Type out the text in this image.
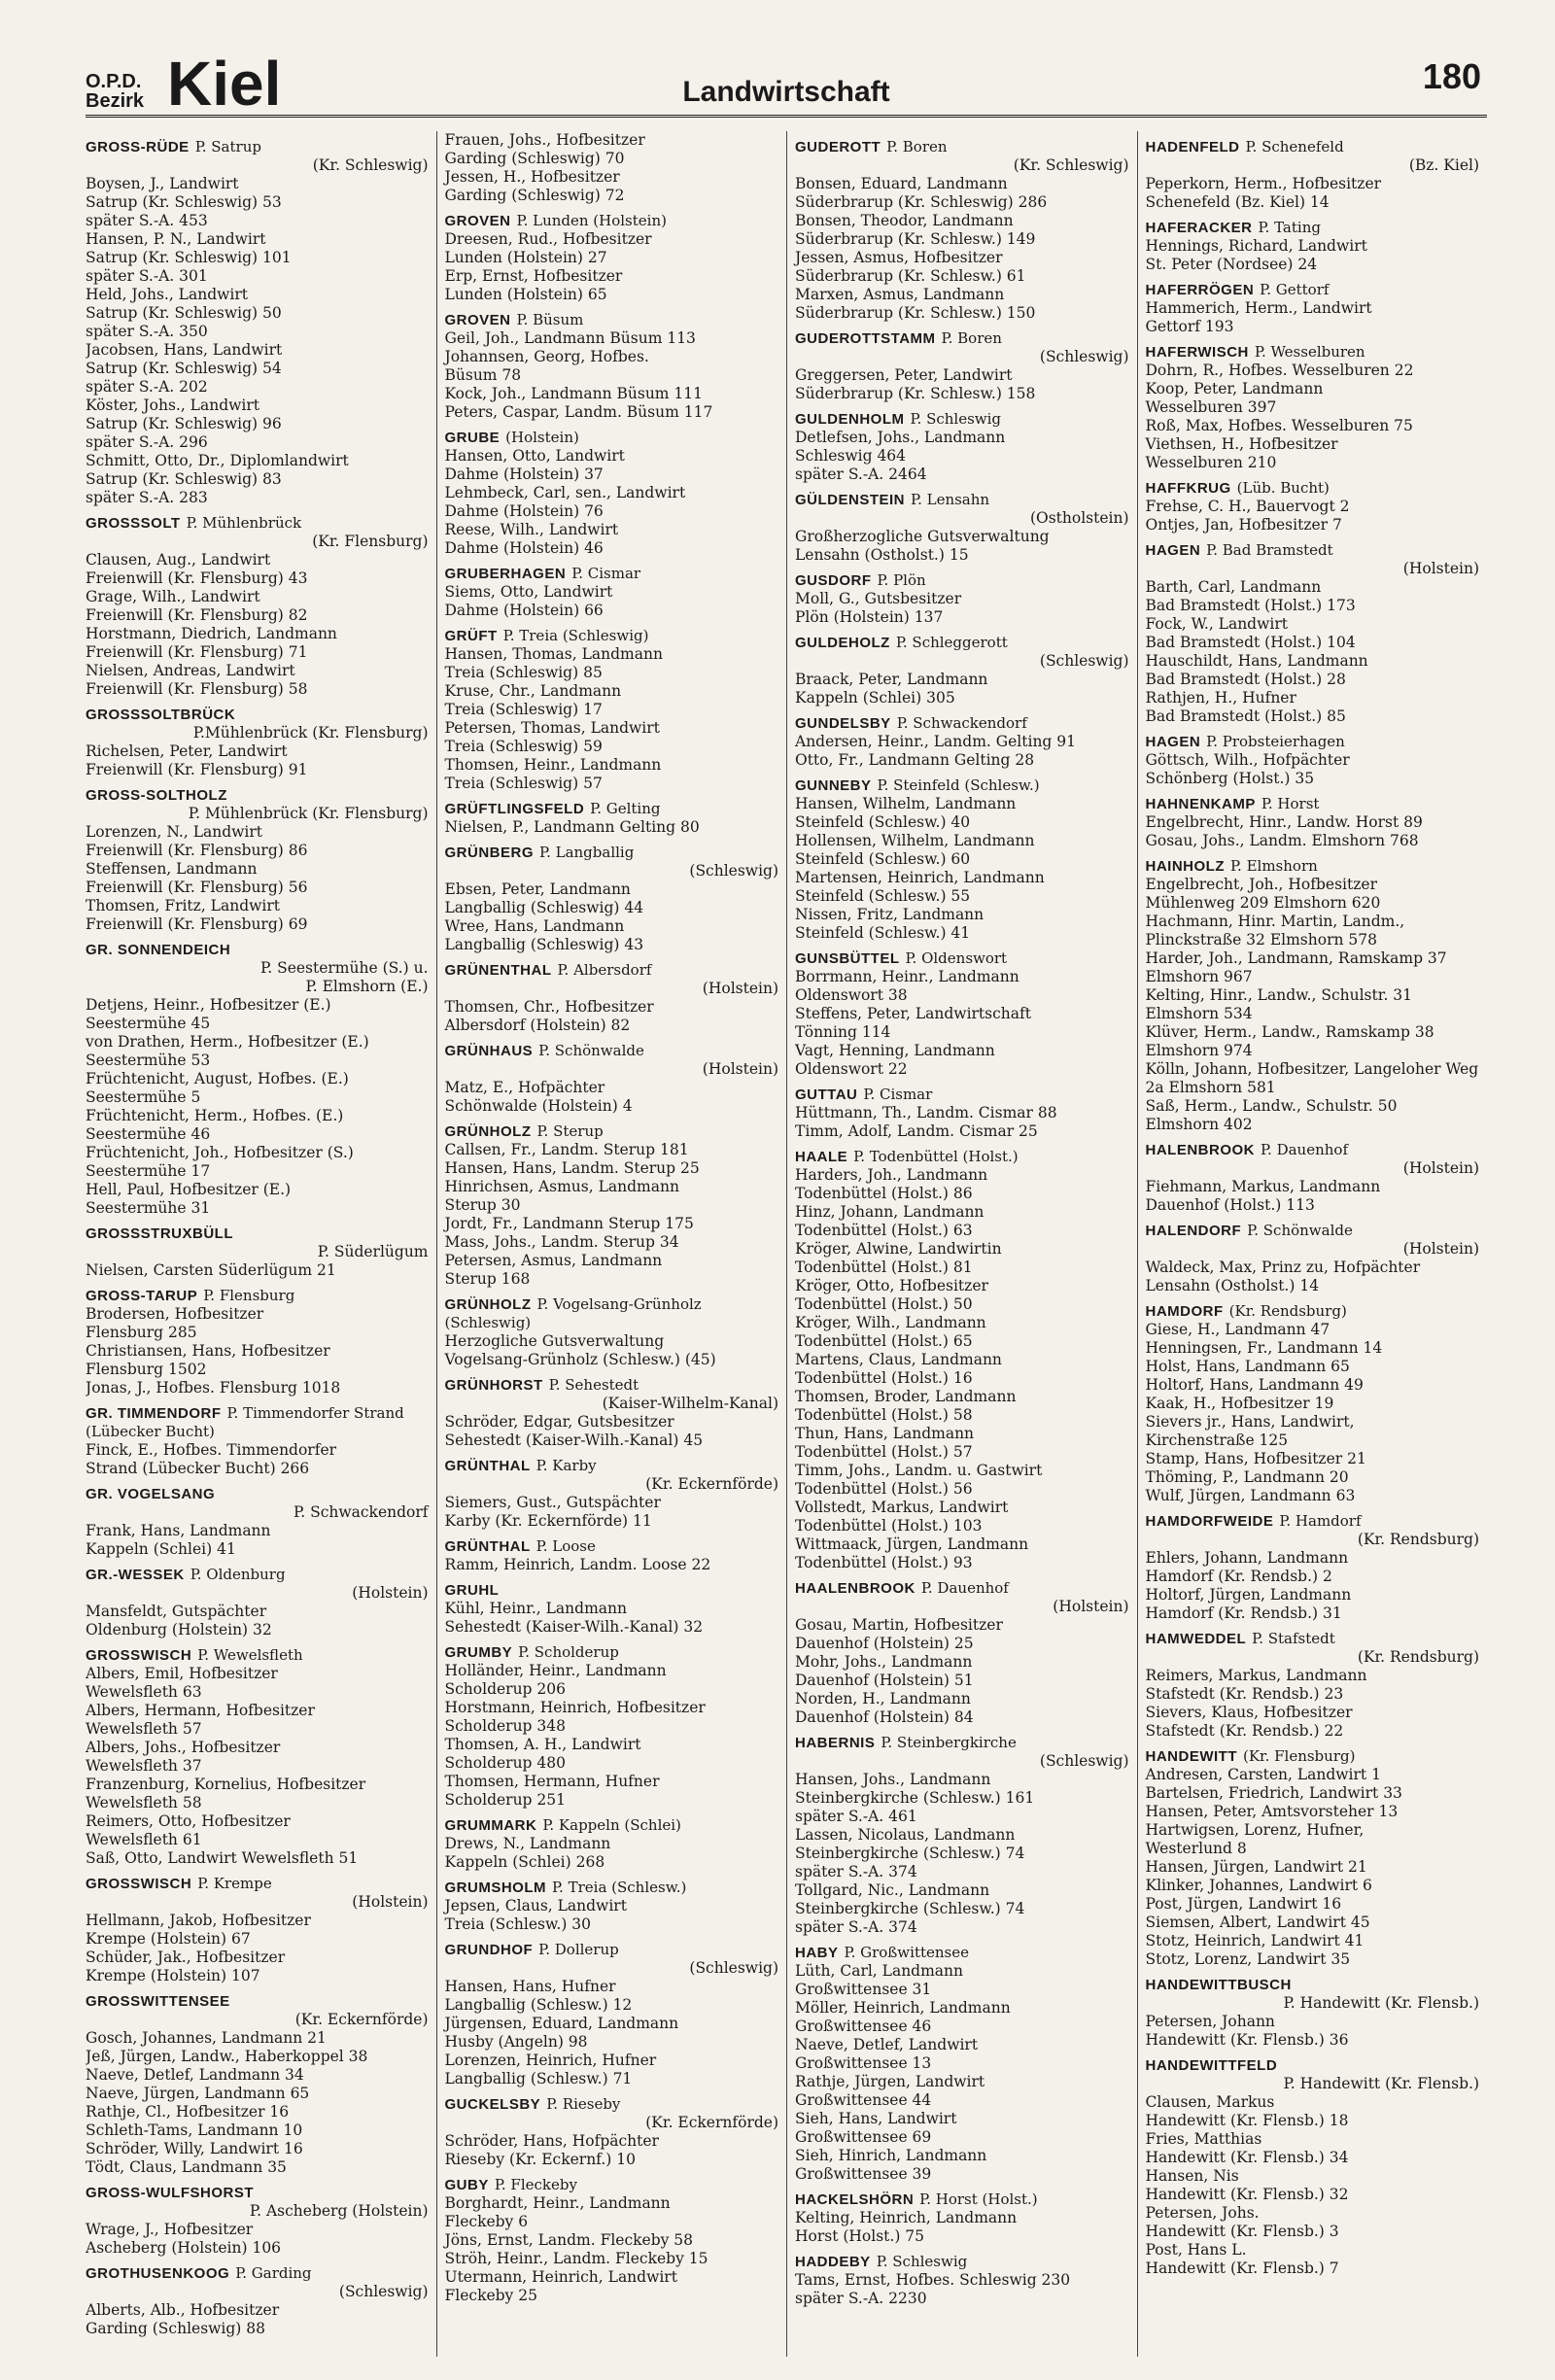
O.P.D.
Bezirk Kiel	Landwirtschaft	180
GROSS-RÜDE P. Satrup
(Kr. Schleswig)
Boysen, J., Landwirt
Satrup (Kr. Schleswig) 53
später S.-A. 453
Hansen, P. N., Landwirt
Satrup (Kr. Schleswig) 101
später S.-A. 301
Held, Johs., Landwirt
Satrup (Kr. Schleswig) 50
später S.-A. 350
Jacobsen, Hans, Landwirt
Satrup (Kr. Schleswig) 54
später S.-A. 202
Köster, Johs., Landwirt
Satrup (Kr. Schleswig) 96
später S.-A. 296
Schmitt, Otto, Dr., Diplomlandwirt
Satrup (Kr. Schleswig) 83
später S.-A. 283
GROSSSOLT P. Mühlenbrück
(Kr. Flensburg)
Clausen, Aug., Landwirt
Freienwill (Kr. Flensburg) 43
Grage, Wilh., Landwirt
Freienwill (Kr. Flensburg) 82
Horstmann, Diedrich, Landmann
Freienwill (Kr. Flensburg) 71
Nielsen, Andreas, Landwirt
Freienwill (Kr. Flensburg) 58
GROSSSOLTBRÜCK
P.Mühlenbrück (Kr. Flensburg)
Richelsen, Peter, Landwirt
Freienwill (Kr. Flensburg) 91
GROSS-SOLTHOLZ
P. Mühlenbrück (Kr. Flensburg)
Lorenzen, N., Landwirt
Freienwill (Kr. Flensburg) 86
Steffensen, Landmann
Freienwill (Kr. Flensburg) 56
Thomsen, Fritz, Landwirt
Freienwill (Kr. Flensburg) 69
GR. SONNENDEICH
P. Seestermühe (S.) u.
P. Elmshorn (E.)
Detjens, Heinr., Hofbesitzer (E.)
Seestermühe 45
von Drathen, Herm., Hofbesitzer (E.)
Seestermühe 53
Früchtenicht, August, Hofbes. (E.)
Seestermühe 5
Früchtenicht, Herm., Hofbes. (E.)
Seestermühe 46
Früchtenicht, Joh., Hofbesitzer (S.)
Seestermühe 17
Hell, Paul, Hofbesitzer (E.)
Seestermühe 31
GROSSSTRUXBÜLL
P. Süderlügum
Nielsen, Carsten Süderlügum 21
GROSS-TARUP P. Flensburg
Brodersen, Hofbesitzer
Flensburg 285
Christiansen, Hans, Hofbesitzer
Flensburg 1502
Jonas, J., Hofbes. Flensburg 1018
GR. TIMMENDORF P. Timmendorfer Strand (Lübecker Bucht)
Finck, E., Hofbes. Timmendorfer
Strand (Lübecker Bucht) 266
GR. VOGELSANG
P. Schwackendorf
Frank, Hans, Landmann
Kappeln (Schlei) 41
GR.-WESSEK P. Oldenburg
(Holstein)
Mansfeldt, Gutspächter
Oldenburg (Holstein) 32
GROSSWISCH P. Wewelsfleth
Albers, Emil, Hofbesitzer
Wewelsfleth 63
Albers, Hermann, Hofbesitzer
Wewelsfleth 57
Albers, Johs., Hofbesitzer
Wewelsfleth 37
Franzenburg, Kornelius, Hofbesitzer
Wewelsfleth 58
Reimers, Otto, Hofbesitzer
Wewelsfleth 61
Saß, Otto, Landwirt Wewelsfleth 51
GROSSWISCH P. Krempe
(Holstein)
Hellmann, Jakob, Hofbesitzer
Krempe (Holstein) 67
Schüder, Jak., Hofbesitzer
Krempe (Holstein) 107
GROSSWITTENSEE
(Kr. Eckernförde)
Gosch, Johannes, Landmann 21
Jeß, Jürgen, Landw., Haberkoppel 38
Naeve, Detlef, Landmann 34
Naeve, Jürgen, Landmann 65
Rathje, Cl., Hofbesitzer 16
Schleth-Tams, Landmann 10
Schröder, Willy, Landwirt 16
Tödt, Claus, Landmann 35
GROSS-WULFSHORST
P. Ascheberg (Holstein)
Wrage, J., Hofbesitzer
Ascheberg (Holstein) 106
GROTHUSENKOOG P. Garding
(Schleswig)
Alberts, Alb., Hofbesitzer
Garding (Schleswig) 88
Frauen, Johs., Hofbesitzer
Garding (Schleswig) 70
Jessen, H., Hofbesitzer
Garding (Schleswig) 72
GROVEN P. Lunden (Holstein)
Dreesen, Rud., Hofbesitzer
Lunden (Holstein) 27
Erp, Ernst, Hofbesitzer
Lunden (Holstein) 65
GROVEN P. Büsum
Geil, Joh., Landmann Büsum 113
Johannsen, Georg, Hofbes.
Büsum 78
Kock, Joh., Landmann Büsum 111
Peters, Caspar, Landm. Büsum 117
GRUBE (Holstein)
Hansen, Otto, Landwirt
Dahme (Holstein) 37
Lehmbeck, Carl, sen., Landwirt
Dahme (Holstein) 76
Reese, Wilh., Landwirt
Dahme (Holstein) 46
GRUBERHAGEN P. Cismar
Siems, Otto, Landwirt
Dahme (Holstein) 66
GRÜFT P. Treia (Schleswig)
Hansen, Thomas, Landmann
Treia (Schleswig) 85
Kruse, Chr., Landmann
Treia (Schleswig) 17
Petersen, Thomas, Landwirt
Treia (Schleswig) 59
Thomsen, Heinr., Landmann
Treia (Schleswig) 57
GRÜFTLINGSFELD P. Gelting
Nielsen, P., Landmann Gelting 80
GRÜNBERG P. Langballig
(Schleswig)
Ebsen, Peter, Landmann
Langballig (Schleswig) 44
Wree, Hans, Landmann
Langballig (Schleswig) 43
GRÜNENTHAL P. Albersdorf
(Holstein)
Thomsen, Chr., Hofbesitzer
Albersdorf (Holstein) 82
GRÜNHAUS P. Schönwalde
(Holstein)
Matz, E., Hofpächter
Schönwalde (Holstein) 4
GRÜNHOLZ P. Sterup
Callsen, Fr., Landm. Sterup 181
Hansen, Hans, Landm. Sterup 25
Hinrichsen, Asmus, Landmann
Sterup 30
Jordt, Fr., Landmann Sterup 175
Mass, Johs., Landm. Sterup 34
Petersen, Asmus, Landmann
Sterup 168
GRÜNHOLZ P. Vogelsang-Grünholz (Schleswig)
Herzogliche Gutsverwaltung
Vogelsang-Grünholz (Schlesw.) (45)
GRÜNHORST P. Sehestedt
(Kaiser-Wilhelm-Kanal)
Schröder, Edgar, Gutsbesitzer
Sehestedt (Kaiser-Wilh.-Kanal) 45
GRÜNTHAL P. Karby
(Kr. Eckernförde)
Siemers, Gust., Gutspächter
Karby (Kr. Eckernförde) 11
GRÜNTHAL P. Loose
Ramm, Heinrich, Landm. Loose 22
GRUHL
Kühl, Heinr., Landmann
Sehestedt (Kaiser-Wilh.-Kanal) 32
GRUMBY P. Scholderup
Holländer, Heinr., Landmann
Scholderup 206
Horstmann, Heinrich, Hofbesitzer
Scholderup 348
Thomsen, A. H., Landwirt
Scholderup 480
Thomsen, Hermann, Hufner
Scholderup 251
GRUMMARK P. Kappeln (Schlei)
Drews, N., Landmann
Kappeln (Schlei) 268
GRUMSHOLM P. Treia (Schlesw.)
Jepsen, Claus, Landwirt
Treia (Schlesw.) 30
GRUNDHOF P. Dollerup
(Schleswig)
Hansen, Hans, Hufner
Langballig (Schlesw.) 12
Jürgensen, Eduard, Landmann
Husby (Angeln) 98
Lorenzen, Heinrich, Hufner
Langballig (Schlesw.) 71
GUCKELSBY P. Rieseby
(Kr. Eckernförde)
Schröder, Hans, Hofpächter
Rieseby (Kr. Eckernf.) 10
GUBY P. Fleckeby
Borghardt, Heinr., Landmann
Fleckeby 6
Jöns, Ernst, Landm. Fleckeby 58
Ströh, Heinr., Landm. Fleckeby 15
Utermann, Heinrich, Landwirt
Fleckeby 25
GUDEROTT P. Boren
(Kr. Schleswig)
Bonsen, Eduard, Landmann
Süderbrarup (Kr. Schleswig) 286
Bonsen, Theodor, Landmann
Süderbrarup (Kr. Schlesw.) 149
Jessen, Asmus, Hofbesitzer
Süderbrarup (Kr. Schlesw.) 61
Marxen, Asmus, Landmann
Süderbrarup (Kr. Schlesw.) 150
GUDEROTTSTAMM P. Boren
(Schleswig)
Greggersen, Peter, Landwirt
Süderbrarup (Kr. Schlesw.) 158
GULDENHOLM P. Schleswig
Detlefsen, Johs., Landmann
Schleswig 464
später S.-A. 2464
GÜLDENSTEIN P. Lensahn
(Ostholstein)
Großherzogliche Gutsverwaltung
Lensahn (Ostholst.) 15
GUSDORF P. Plön
Moll, G., Gutsbesitzer
Plön (Holstein) 137
GULDEHOLZ P. Schleggerott
(Schleswig)
Braack, Peter, Landmann
Kappeln (Schlei) 305
GUNDELSBY P. Schwackendorf
Andersen, Heinr., Landm. Gelting 91
Otto, Fr., Landmann Gelting 28
GUNNEBY P. Steinfeld (Schlesw.)
Hansen, Wilhelm, Landmann
Steinfeld (Schlesw.) 40
Hollensen, Wilhelm, Landmann
Steinfeld (Schlesw.) 60
Martensen, Heinrich, Landmann
Steinfeld (Schlesw.) 55
Nissen, Fritz, Landmann
Steinfeld (Schlesw.) 41
GUNSBÜTTEL P. Oldenswort
Borrmann, Heinr., Landmann
Oldenswort 38
Steffens, Peter, Landwirtschaft
Tönning 114
Vagt, Henning, Landmann
Oldenswort 22
GUTTAU P. Cismar
Hüttmann, Th., Landm. Cismar 88
Timm, Adolf, Landm. Cismar 25
HAALE P. Todenbüttel (Holst.)
Harders, Joh., Landmann
Todenbüttel (Holst.) 86
Hinz, Johann, Landmann
Todenbüttel (Holst.) 63
Kröger, Alwine, Landwirtin
Todenbüttel (Holst.) 81
Kröger, Otto, Hofbesitzer
Todenbüttel (Holst.) 50
Kröger, Wilh., Landmann
Todenbüttel (Holst.) 65
Martens, Claus, Landmann
Todenbüttel (Holst.) 16
Thomsen, Broder, Landmann
Todenbüttel (Holst.) 58
Thun, Hans, Landmann
Todenbüttel (Holst.) 57
Timm, Johs., Landm. u. Gastwirt
Todenbüttel (Holst.) 56
Vollstedt, Markus, Landwirt
Todenbüttel (Holst.) 103
Wittmaack, Jürgen, Landmann
Todenbüttel (Holst.) 93
HAALENBROOK P. Dauenhof
(Holstein)
Gosau, Martin, Hofbesitzer
Dauenhof (Holstein) 25
Mohr, Johs., Landmann
Dauenhof (Holstein) 51
Norden, H., Landmann
Dauenhof (Holstein) 84
HABERNIS P. Steinbergkirche
(Schleswig)
Hansen, Johs., Landmann
Steinbergkirche (Schlesw.) 161
später S.-A. 461
Lassen, Nicolaus, Landmann
Steinbergkirche (Schlesw.) 74
später S.-A. 374
Tollgard, Nic., Landmann
Steinbergkirche (Schlesw.) 74
später S.-A. 374
HABY P. Großwittensee
Lüth, Carl, Landmann
Großwittensee 31
Möller, Heinrich, Landmann
Großwittensee 46
Naeve, Detlef, Landwirt
Großwittensee 13
Rathje, Jürgen, Landwirt
Großwittensee 44
Sieh, Hans, Landwirt
Großwittensee 69
Sieh, Hinrich, Landmann
Großwittensee 39
HACKELSHÖRN P. Horst (Holst.)
Kelting, Heinrich, Landmann
Horst (Holst.) 75
HADDEBY P. Schleswig
Tams, Ernst, Hofbes. Schleswig 230
später S.-A. 2230
HADENFELD P. Schenefeld
(Bz. Kiel)
Peperkorn, Herm., Hofbesitzer
Schenefeld (Bz. Kiel) 14
HAFERACKER P. Tating
Hennings, Richard, Landwirt
St. Peter (Nordsee) 24
HAFERRÖGEN P. Gettorf
Hammerich, Herm., Landwirt
Gettorf 193
HAFERWISCH P. Wesselburen
Dohrn, R., Hofbes. Wesselburen 22
Koop, Peter, Landmann
Wesselburen 397
Roß, Max, Hofbes. Wesselburen 75
Viethsen, H., Hofbesitzer
Wesselburen 210
HAFFKRUG (Lüb. Bucht)
Frehse, C. H., Bauervogt 2
Ontjes, Jan, Hofbesitzer 7
HAGEN P. Bad Bramstedt
(Holstein)
Barth, Carl, Landmann
Bad Bramstedt (Holst.) 173
Fock, W., Landwirt
Bad Bramstedt (Holst.) 104
Hauschildt, Hans, Landmann
Bad Bramstedt (Holst.) 28
Rathjen, H., Hufner
Bad Bramstedt (Holst.) 85
HAGEN P. Probsteierhagen
Göttsch, Wilh., Hofpächter
Schönberg (Holst.) 35
HAHNENKAMP P. Horst
Engelbrecht, Hinr., Landw. Horst 89
Gosau, Johs., Landm. Elmshorn 768
HAINHOLZ P. Elmshorn
Engelbrecht, Joh., Hofbesitzer
Mühlenweg 209 Elmshorn 620
Hachmann, Hinr. Martin, Landm.,
Plinckstraße 32 Elmshorn 578
Harder, Joh., Landmann, Ramskamp 37 Elmshorn 967
Kelting, Hinr., Landw., Schulstr. 31
Elmshorn 534
Klüver, Herm., Landw., Ramskamp 38
Elmshorn 974
Kölln, Johann, Hofbesitzer, Langeloher Weg 2a Elmshorn 581
Saß, Herm., Landw., Schulstr. 50
Elmshorn 402
HALENBROOK P. Dauenhof
(Holstein)
Fiehmann, Markus, Landmann
Dauenhof (Holst.) 113
HALENDORF P. Schönwalde
(Holstein)
Waldeck, Max, Prinz zu, Hofpächter
Lensahn (Ostholst.) 14
HAMDORF (Kr. Rendsburg)
Giese, H., Landmann 47
Henningsen, Fr., Landmann 14
Holst, Hans, Landmann 65
Holtorf, Hans, Landmann 49
Kaak, H., Hofbesitzer 19
Sievers jr., Hans, Landwirt,
Kirchenstraße 125
Stamp, Hans, Hofbesitzer 21
Thöming, P., Landmann 20
Wulf, Jürgen, Landmann 63
HAMDORFWEIDE P. Hamdorf
(Kr. Rendsburg)
Ehlers, Johann, Landmann
Hamdorf (Kr. Rendsb.) 2
Holtorf, Jürgen, Landmann
Hamdorf (Kr. Rendsb.) 31
HAMWEDDEL P. Stafstedt
(Kr. Rendsburg)
Reimers, Markus, Landmann
Stafstedt (Kr. Rendsb.) 23
Sievers, Klaus, Hofbesitzer
Stafstedt (Kr. Rendsb.) 22
HANDEWITT (Kr. Flensburg)
Andresen, Carsten, Landwirt 1
Bartelsen, Friedrich, Landwirt 33
Hansen, Peter, Amtsvorsteher 13
Hartwigsen, Lorenz, Hufner,
Westerlund 8
Hansen, Jürgen, Landwirt 21
Klinker, Johannes, Landwirt 6
Post, Jürgen, Landwirt 16
Siemsen, Albert, Landwirt 45
Stotz, Heinrich, Landwirt 41
Stotz, Lorenz, Landwirt 35
HANDEWITTBUSCH
P. Handewitt (Kr. Flensb.)
Petersen, Johann
Handewitt (Kr. Flensb.) 36
HANDEWITTFELD
P. Handewitt (Kr. Flensb.)
Clausen, Markus
Handewitt (Kr. Flensb.) 18
Fries, Matthias
Handewitt (Kr. Flensb.) 34
Hansen, Nis
Handewitt (Kr. Flensb.) 32
Petersen, Johs.
Handewitt (Kr. Flensb.) 3
Post, Hans L.
Handewitt (Kr. Flensb.) 7
